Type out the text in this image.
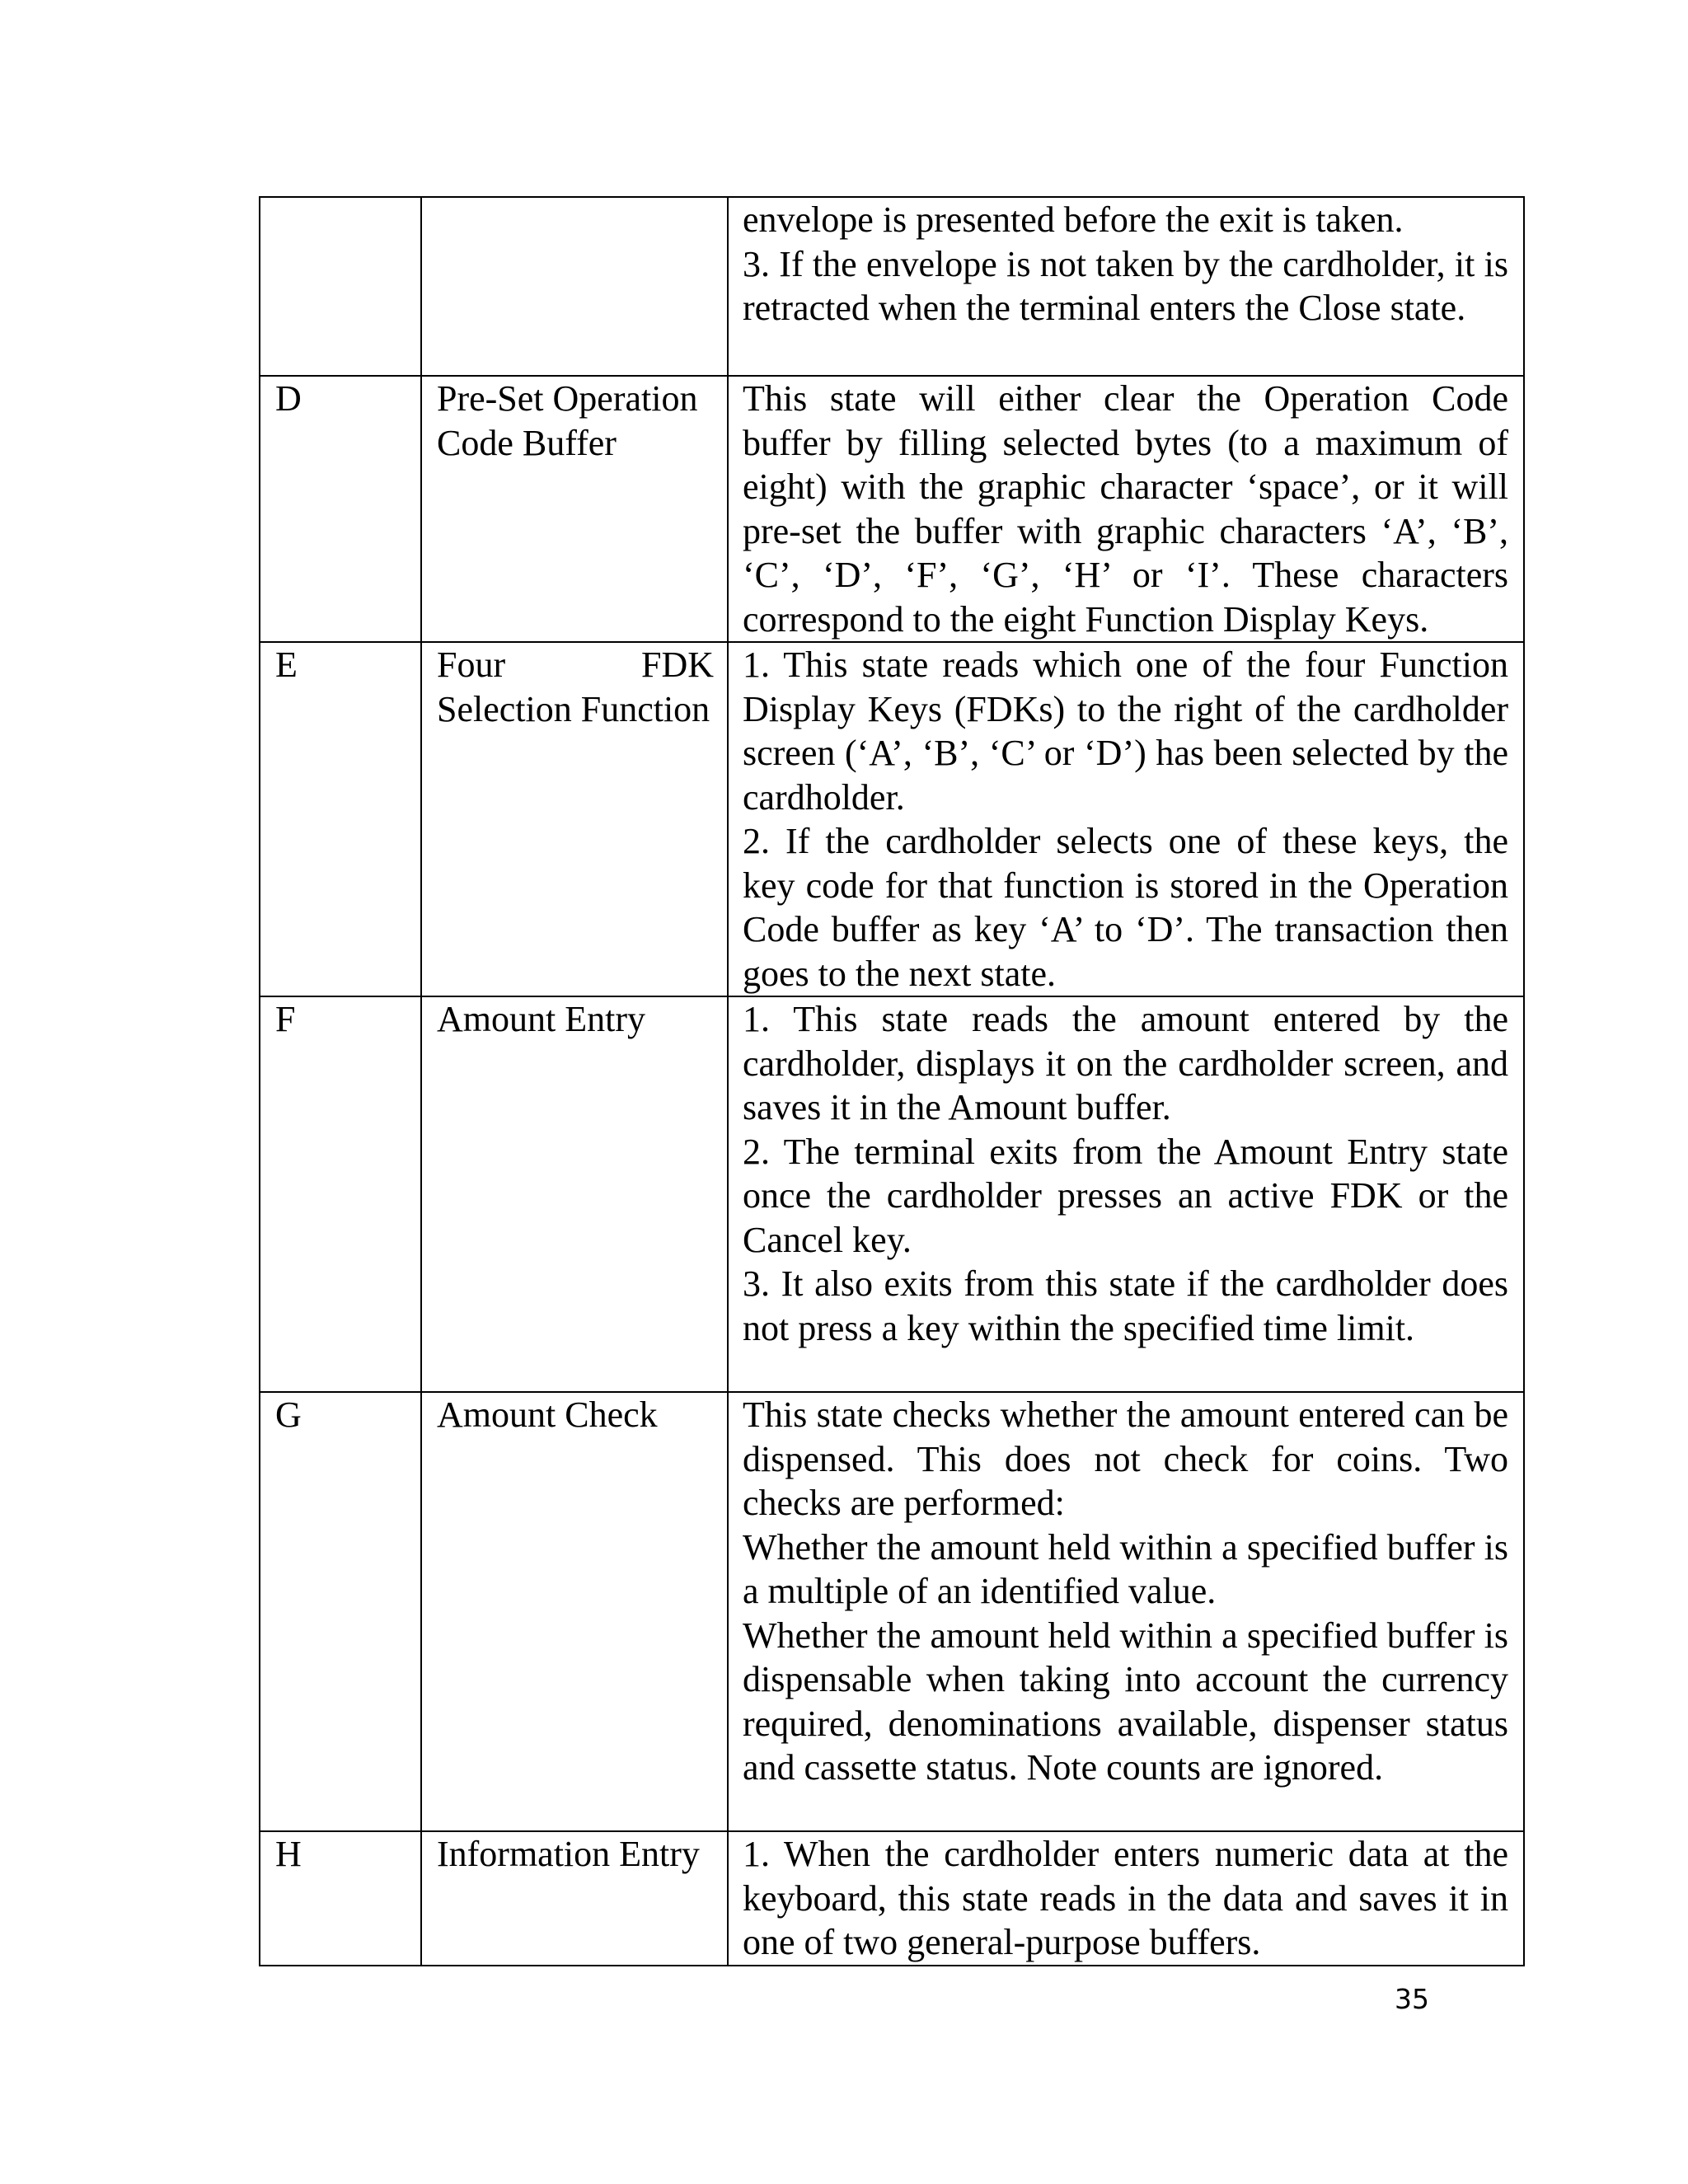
		envelope is presented before the exit is taken.

3. If the envelope is not taken by the cardholder, it is retracted when the terminal enters the Close state.

D	Pre-Set Operation Code Buffer	This state will either clear the Operation Code buffer by filling selected bytes (to a maximum of eight) with the graphic character ‘space’, or it will pre-set the buffer with graphic characters ‘A’, ‘B’, ‘C’, ‘D’, ‘F’, ‘G’, ‘H’ or ‘I’. These characters correspond to the eight Function Display Keys.

E	Four FDK Selection Function	1. This state reads which one of the four Function Display Keys (FDKs) to the right of the cardholder screen (‘A’, ‘B’, ‘C’ or ‘D’) has been selected by the cardholder.

2. If the cardholder selects one of these keys, the key code for that function is stored in the Operation Code buffer as key ‘A’ to ‘D’. The transaction then goes to the next state.

F	Amount Entry	1. This state reads the amount entered by the cardholder, displays it on the cardholder screen, and saves it in the Amount buffer.

2. The terminal exits from the Amount Entry state once the cardholder presses an active FDK or the Cancel key.

3. It also exits from this state if the cardholder does not press a key within the specified time limit.

G	Amount Check	This state checks whether the amount entered can be dispensed. This does not check for coins. Two checks are performed:

Whether the amount held within a specified buffer is a multiple of an identified value.

Whether the amount held within a specified buffer is dispensable when taking into account the currency required, denominations available, dispenser status and cassette status. Note counts are ignored.

H	Information Entry	1. When the cardholder enters numeric data at the keyboard, this state reads in the data and saves it in one of two general-purpose buffers.

35
